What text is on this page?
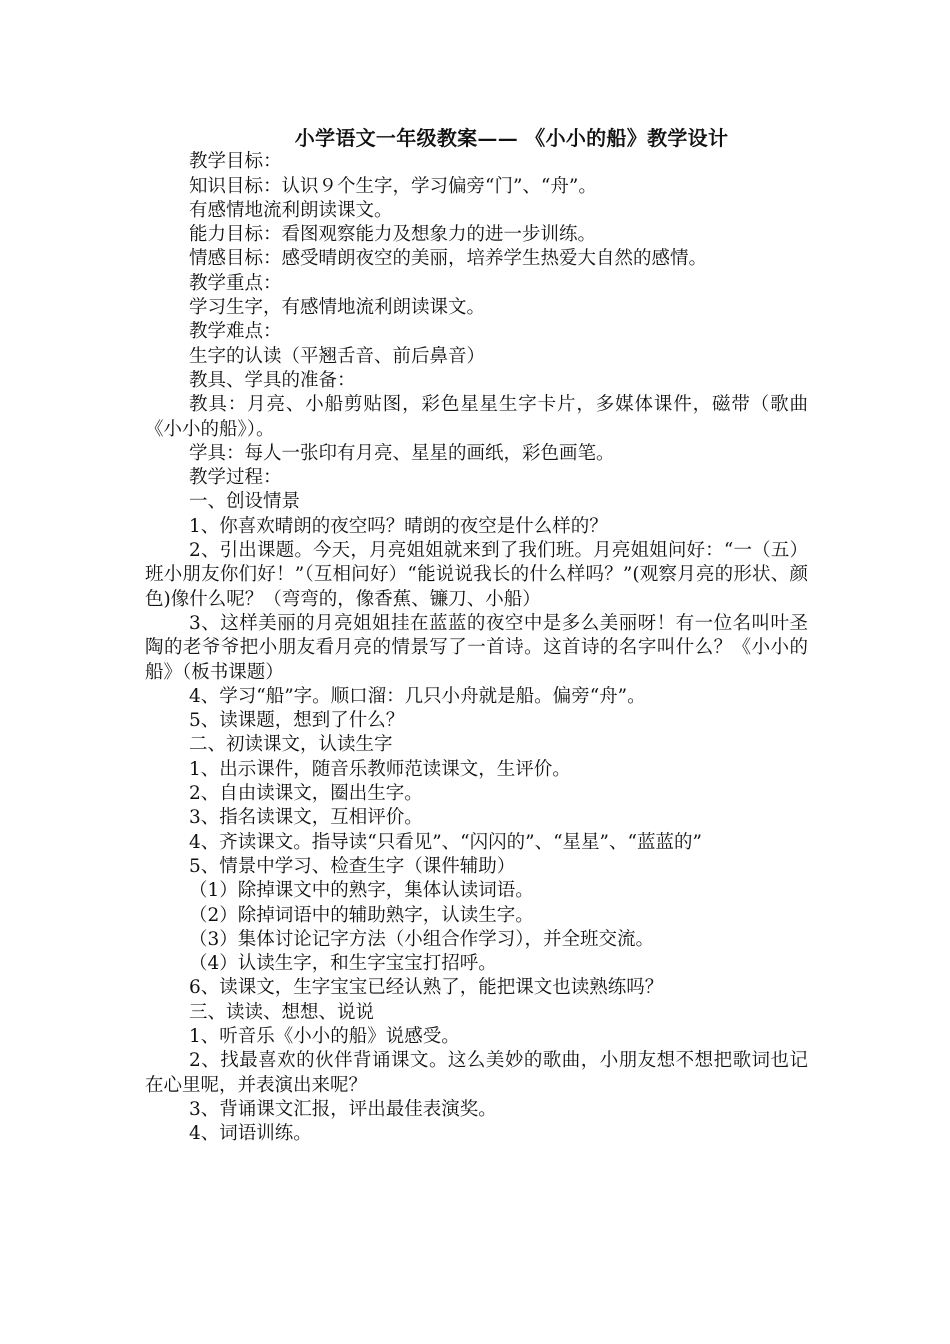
小学语文一年级教案—— 《小小的船》教学设计
教学目标：
知识目标：认识９个生字，学习偏旁“门”、“舟”。
有感情地流利朗读课文。
能力目标：看图观察能力及想象力的进一步训练。
情感目标：感受晴朗夜空的美丽，培养学生热爱大自然的感情。
教学重点：
学习生字，有感情地流利朗读课文。
教学难点：
生字的认读（平翘舌音、前后鼻音）
教具、学具的准备：
教具：月亮、小船剪贴图，彩色星星生字卡片，多媒体课件，磁带（歌曲《小小的船》）。
学具：每人一张印有月亮、星星的画纸，彩色画笔。
教学过程：
一、创设情景
1、你喜欢晴朗的夜空吗？晴朗的夜空是什么样的？
2、引出课题。今天，月亮姐姐就来到了我们班。月亮姐姐问好：“一（五）班小朋友你们好！”（互相问好）“能说说我长的什么样吗？”(观察月亮的形状、颜色)像什么呢？（弯弯的，像香蕉、镰刀、小船）
3、这样美丽的月亮姐姐挂在蓝蓝的夜空中是多么美丽呀！有一位名叫叶圣陶的老爷爷把小朋友看月亮的情景写了一首诗。这首诗的名字叫什么？《小小的船》（板书课题）
4、学习“船”字。顺口溜：几只小舟就是船。偏旁“舟”。
5、读课题，想到了什么？
二、初读课文，认读生字
1、出示课件，随音乐教师范读课文，生评价。
2、自由读课文，圈出生字。
3、指名读课文，互相评价。
4、齐读课文。指导读“只看见”、“闪闪的”、“星星”、“蓝蓝的”
5、情景中学习、检查生字（课件辅助）
（1）除掉课文中的熟字，集体认读词语。
（2）除掉词语中的辅助熟字，认读生字。
（3）集体讨论记字方法（小组合作学习），并全班交流。
（4）认读生字，和生字宝宝打招呼。
6、读课文，生字宝宝已经认熟了，能把课文也读熟练吗？
三、读读、想想、说说
1、听音乐《小小的船》说感受。
2、找最喜欢的伙伴背诵课文。这么美妙的歌曲，小朋友想不想把歌词也记在心里呢，并表演出来呢？
3、背诵课文汇报，评出最佳表演奖。
4、词语训练。
